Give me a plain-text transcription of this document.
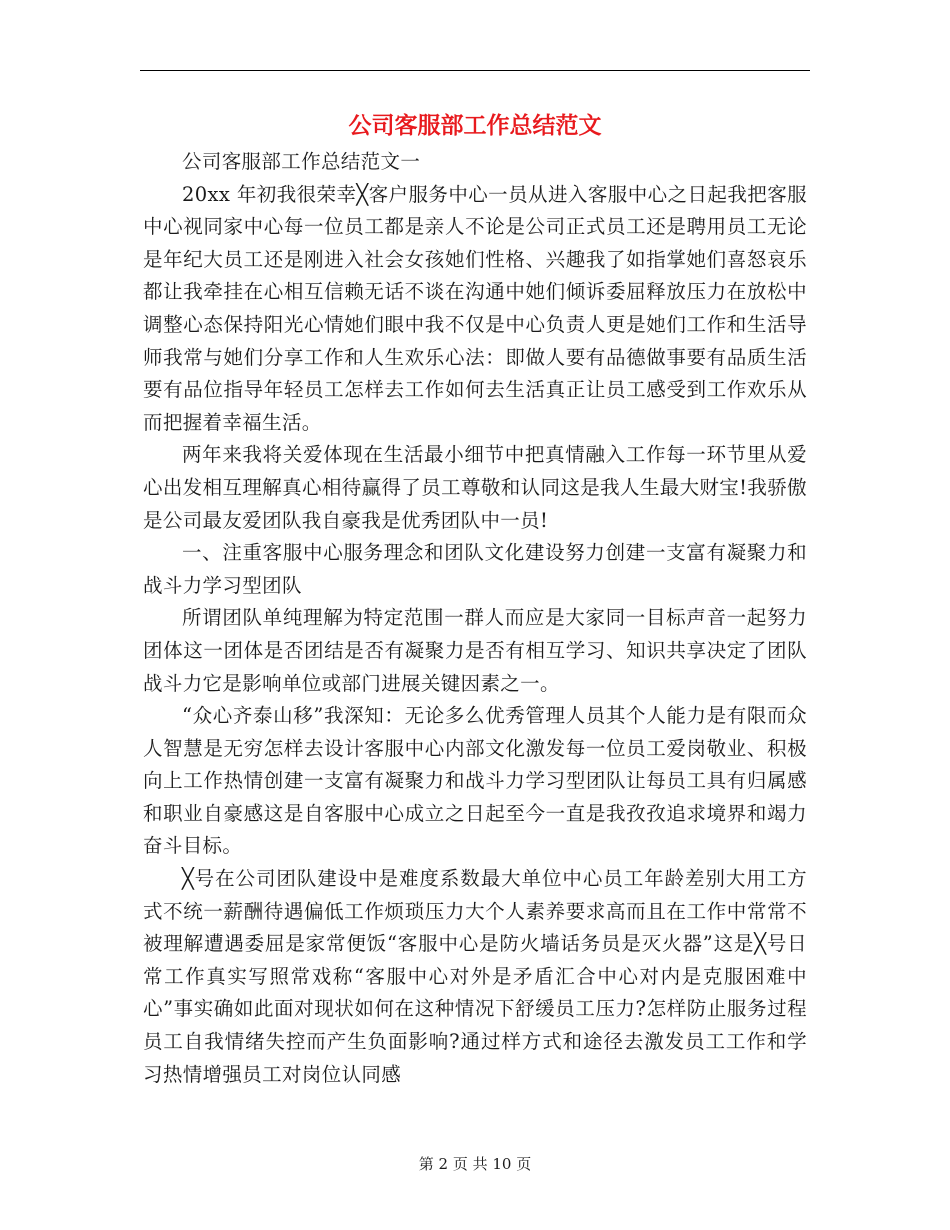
公司客服部工作总结范文

公司客服部工作总结范文一

20xx 年初我很荣幸╳客户服务中心一员从进入客服中心之日起我把客服中心视同家中心每一位员工都是亲人不论是公司正式员工还是聘用员工无论是年纪大员工还是刚进入社会女孩她们性格、兴趣我了如指掌她们喜怒哀乐都让我牵挂在心相互信赖无话不谈在沟通中她们倾诉委屈释放压力在放松中调整心态保持阳光心情她们眼中我不仅是中心负责人更是她们工作和生活导师我常与她们分享工作和人生欢乐心法：即做人要有品德做事要有品质生活要有品位指导年轻员工怎样去工作如何去生活真正让员工感受到工作欢乐从而把握着幸福生活。

两年来我将关爱体现在生活最小细节中把真情融入工作每一环节里从爱心出发相互理解真心相待赢得了员工尊敬和认同这是我人生最大财宝!我骄傲是公司最友爱团队我自豪我是优秀团队中一员!

一、注重客服中心服务理念和团队文化建设努力创建一支富有凝聚力和战斗力学习型团队

所谓团队单纯理解为特定范围一群人而应是大家同一目标声音一起努力团体这一团体是否团结是否有凝聚力是否有相互学习、知识共享决定了团队战斗力它是影响单位或部门进展关键因素之一。

“众心齐泰山移”我深知：无论多么优秀管理人员其个人能力是有限而众人智慧是无穷怎样去设计客服中心内部文化激发每一位员工爱岗敬业、积极向上工作热情创建一支富有凝聚力和战斗力学习型团队让每员工具有归属感和职业自豪感这是自客服中心成立之日起至今一直是我孜孜追求境界和竭力奋斗目标。

╳号在公司团队建设中是难度系数最大单位中心员工年龄差别大用工方式不统一薪酬待遇偏低工作烦琐压力大个人素养要求高而且在工作中常常不被理解遭遇委屈是家常便饭“客服中心是防火墙话务员是灭火器”这是╳号日常工作真实写照常戏称“客服中心对外是矛盾汇合中心对内是克服困难中心”事实确如此面对现状如何在这种情况下舒缓员工压力?怎样防止服务过程员工自我情绪失控而产生负面影响?通过样方式和途径去激发员工工作和学习热情增强员工对岗位认同感

第 2 页 共 10 页
